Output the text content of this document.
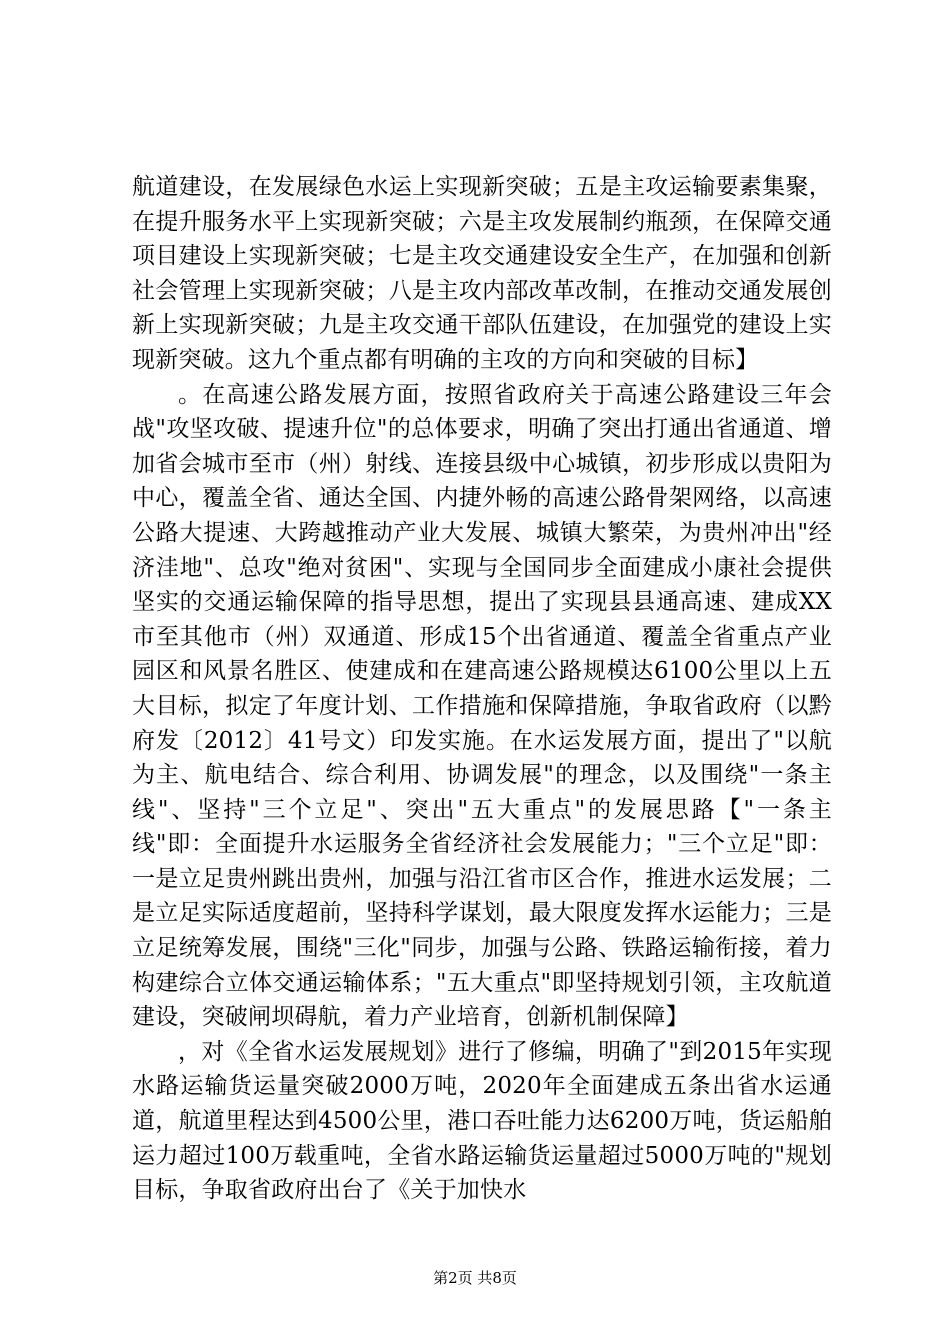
航道建设，在发展绿色水运上实现新突破；五是主攻运输要素集聚，在提升服务水平上实现新突破；六是主攻发展制约瓶颈，在保障交通项目建设上实现新突破；七是主攻交通建设安全生产，在加强和创新社会管理上实现新突破；八是主攻内部改革改制，在推动交通发展创新上实现新突破；九是主攻交通干部队伍建设，在加强党的建设上实现新突破。这九个重点都有明确的主攻的方向和突破的目标】

。在高速公路发展方面，按照省政府关于高速公路建设三年会战"攻坚攻破、提速升位"的总体要求，明确了突出打通出省通道、增加省会城市至市（州）射线、连接县级中心城镇，初步形成以贵阳为中心，覆盖全省、通达全国、内捷外畅的高速公路骨架网络，以高速公路大提速、大跨越推动产业大发展、城镇大繁荣，为贵州冲出"经济洼地"、总攻"绝对贫困"、实现与全国同步全面建成小康社会提供坚实的交通运输保障的指导思想，提出了实现县县通高速、建成XX市至其他市（州）双通道、形成15个出省通道、覆盖全省重点产业园区和风景名胜区、使建成和在建高速公路规模达6100公里以上五大目标，拟定了年度计划、工作措施和保障措施，争取省政府（以黔府发〔2012〕41号文）印发实施。在水运发展方面，提出了"以航为主、航电结合、综合利用、协调发展"的理念，以及围绕"一条主线"、坚持"三个立足"、突出"五大重点"的发展思路【"一条主线"即：全面提升水运服务全省经济社会发展能力；"三个立足"即：一是立足贵州跳出贵州，加强与沿江省市区合作，推进水运发展；二是立足实际适度超前，坚持科学谋划，最大限度发挥水运能力；三是立足统筹发展，围绕"三化"同步，加强与公路、铁路运输衔接，着力构建综合立体交通运输体系；"五大重点"即坚持规划引领，主攻航道建设，突破闸坝碍航，着力产业培育，创新机制保障】

，对《全省水运发展规划》进行了修编，明确了"到2015年实现水路运输货运量突破2000万吨，2020年全面建成五条出省水运通道，航道里程达到4500公里，港口吞吐能力达6200万吨，货运船舶运力超过100万载重吨，全省水路运输货运量超过5000万吨的"规划目标，争取省政府出台了《关于加快水

第2页 共8页
